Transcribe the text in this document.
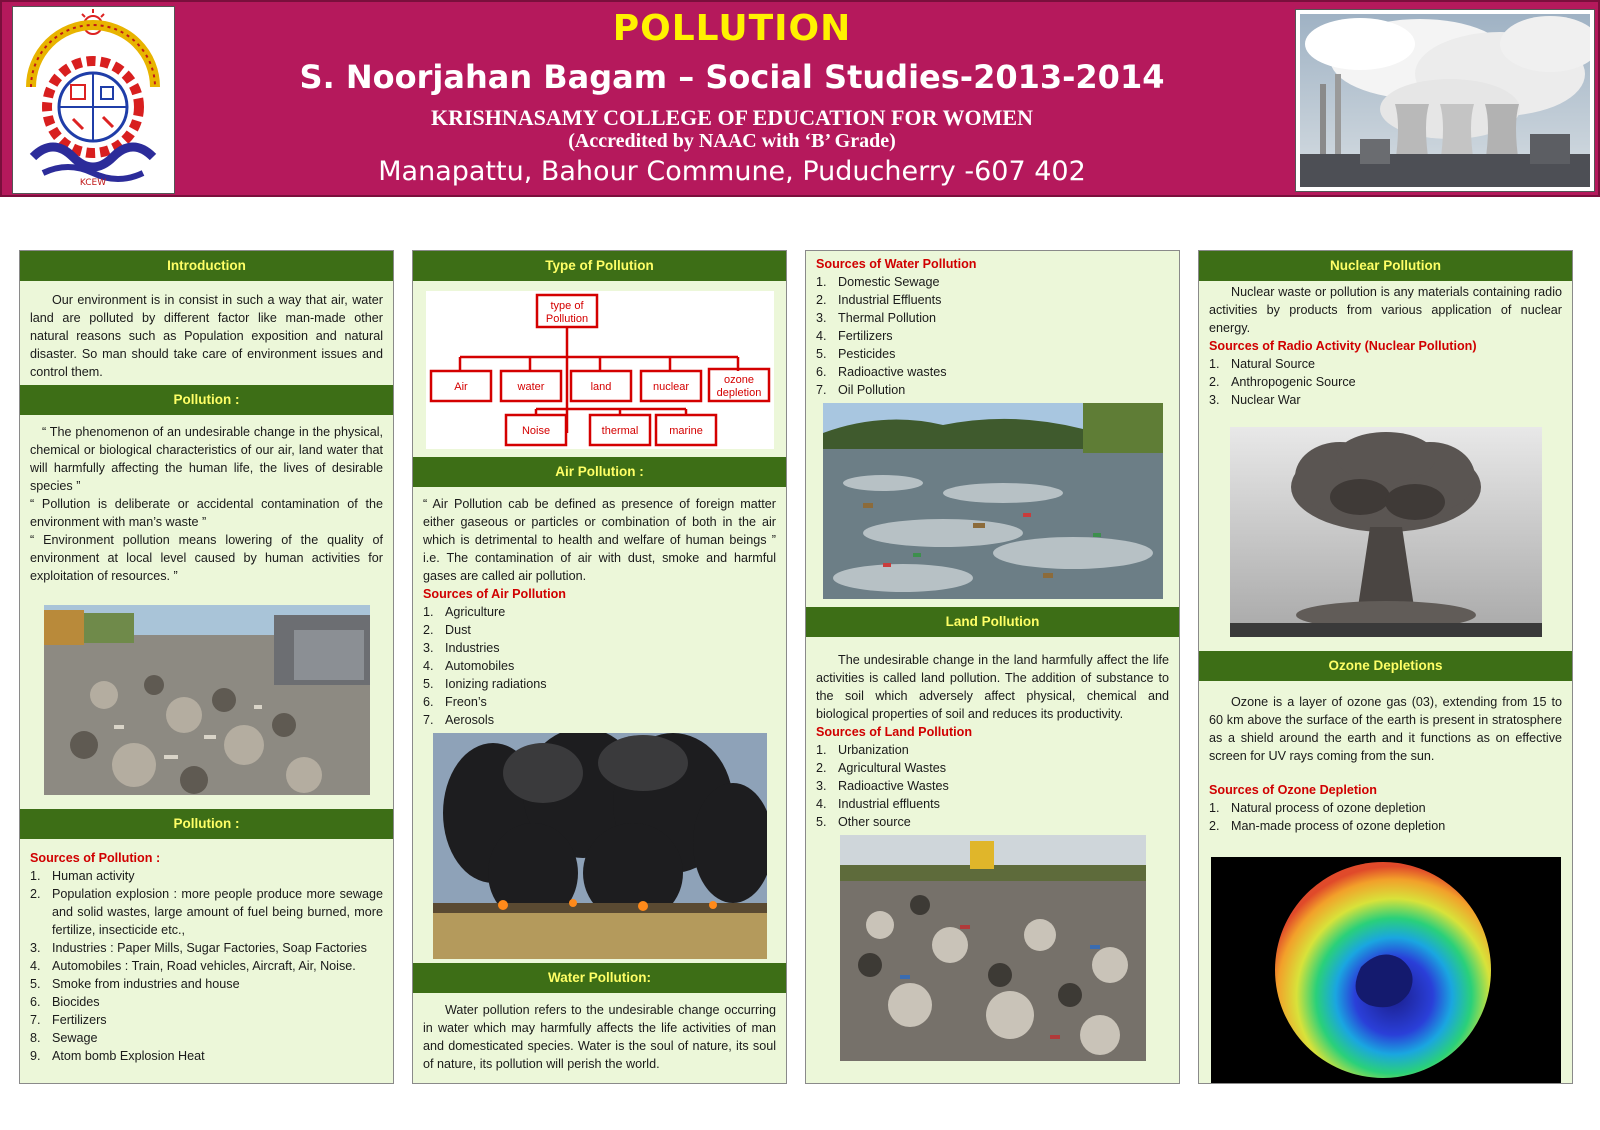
KCEW
POLLUTION
S. Noorjahan Bagam – Social Studies-2013-2014
KRISHNASAMY COLLEGE OF EDUCATION FOR WOMEN
(Accredited by NAAC with ‘B’ Grade)
Manapattu, Bahour Commune, Puducherry -607 402
Introduction

Our environment is in consist in such a way that air, water land are polluted by different factor like man-made other natural reasons such as Population exposition and natural disaster. So man should take care of environment issues and control them.

Pollution :
“ The phenomenon of an undesirable change in the physical, chemical or biological characteristics of our air, land water that will harmfully affecting the human life, the lives of desirable species ”
“ Pollution is deliberate or accidental contamination of the environment with man’s waste ”
“ Environment pollution means lowering of the quality of environment at local level caused by human activities for exploitation of resources. ”
Pollution :
Sources of Pollution :
1. Human activity
2. Population explosion : more people produce more sewage and solid wastes, large amount of fuel being burned, more fertilize, insecticide etc.,
3. Industries : Paper Mills, Sugar Factories, Soap Factories
4. Automobiles : Train, Road vehicles, Aircraft, Air, Noise.
5. Smoke from industries and house
6. Biocides
7. Fertilizers
8. Sewage
9. Atom bomb Explosion Heat
Type of Pollution
type of
Pollution
Air	water	land	nuclear
ozone
depletion
Noise	thermal	marine
Air Pollution :
“ Air Pollution cab be defined as presence of foreign matter either gaseous or particles or combination of both in the air which is detrimental to health and welfare of human beings ” i.e. The contamination of air with dust, smoke and harmful gases are called air pollution.
Sources of Air Pollution
1. Agriculture
2. Dust
3. Industries
4. Automobiles
5. Ionizing radiations
6. Freon’s
7. Aerosols
Water Pollution:

Water pollution refers to the undesirable change occurring in water which may harmfully affects the life activities of man and domesticated species. Water is the soul of nature, its soul of nature, its pollution will perish the world.

Sources of Water Pollution
1. Domestic Sewage
2. Industrial Effluents
3. Thermal Pollution
4. Fertilizers
5. Pesticides
6. Radioactive wastes
7. Oil Pollution
Land Pollution

The undesirable change in the land harmfully affect the life activities is called land pollution. The addition of substance to the soil which adversely affect physical, chemical and biological properties of soil and reduces its productivity.

Sources of Land Pollution
1. Urbanization
2. Agricultural Wastes
3. Radioactive Wastes
4. Industrial effluents
5. Other source
Nuclear Pollution

Nuclear waste or pollution is any materials containing radio activities by products from various application of nuclear energy.

Sources of Radio Activity (Nuclear Pollution)
1. Natural Source
2. Anthropogenic Source
3. Nuclear War
Ozone Depletions

Ozone is a layer of ozone gas (03), extending from 15 to 60 km above the surface of the earth is present in stratosphere as a shield around the earth and it functions as on effective screen for UV rays coming from the sun.

Sources of Ozone Depletion
1. Natural process of ozone depletion
2. Man-made process of ozone depletion
